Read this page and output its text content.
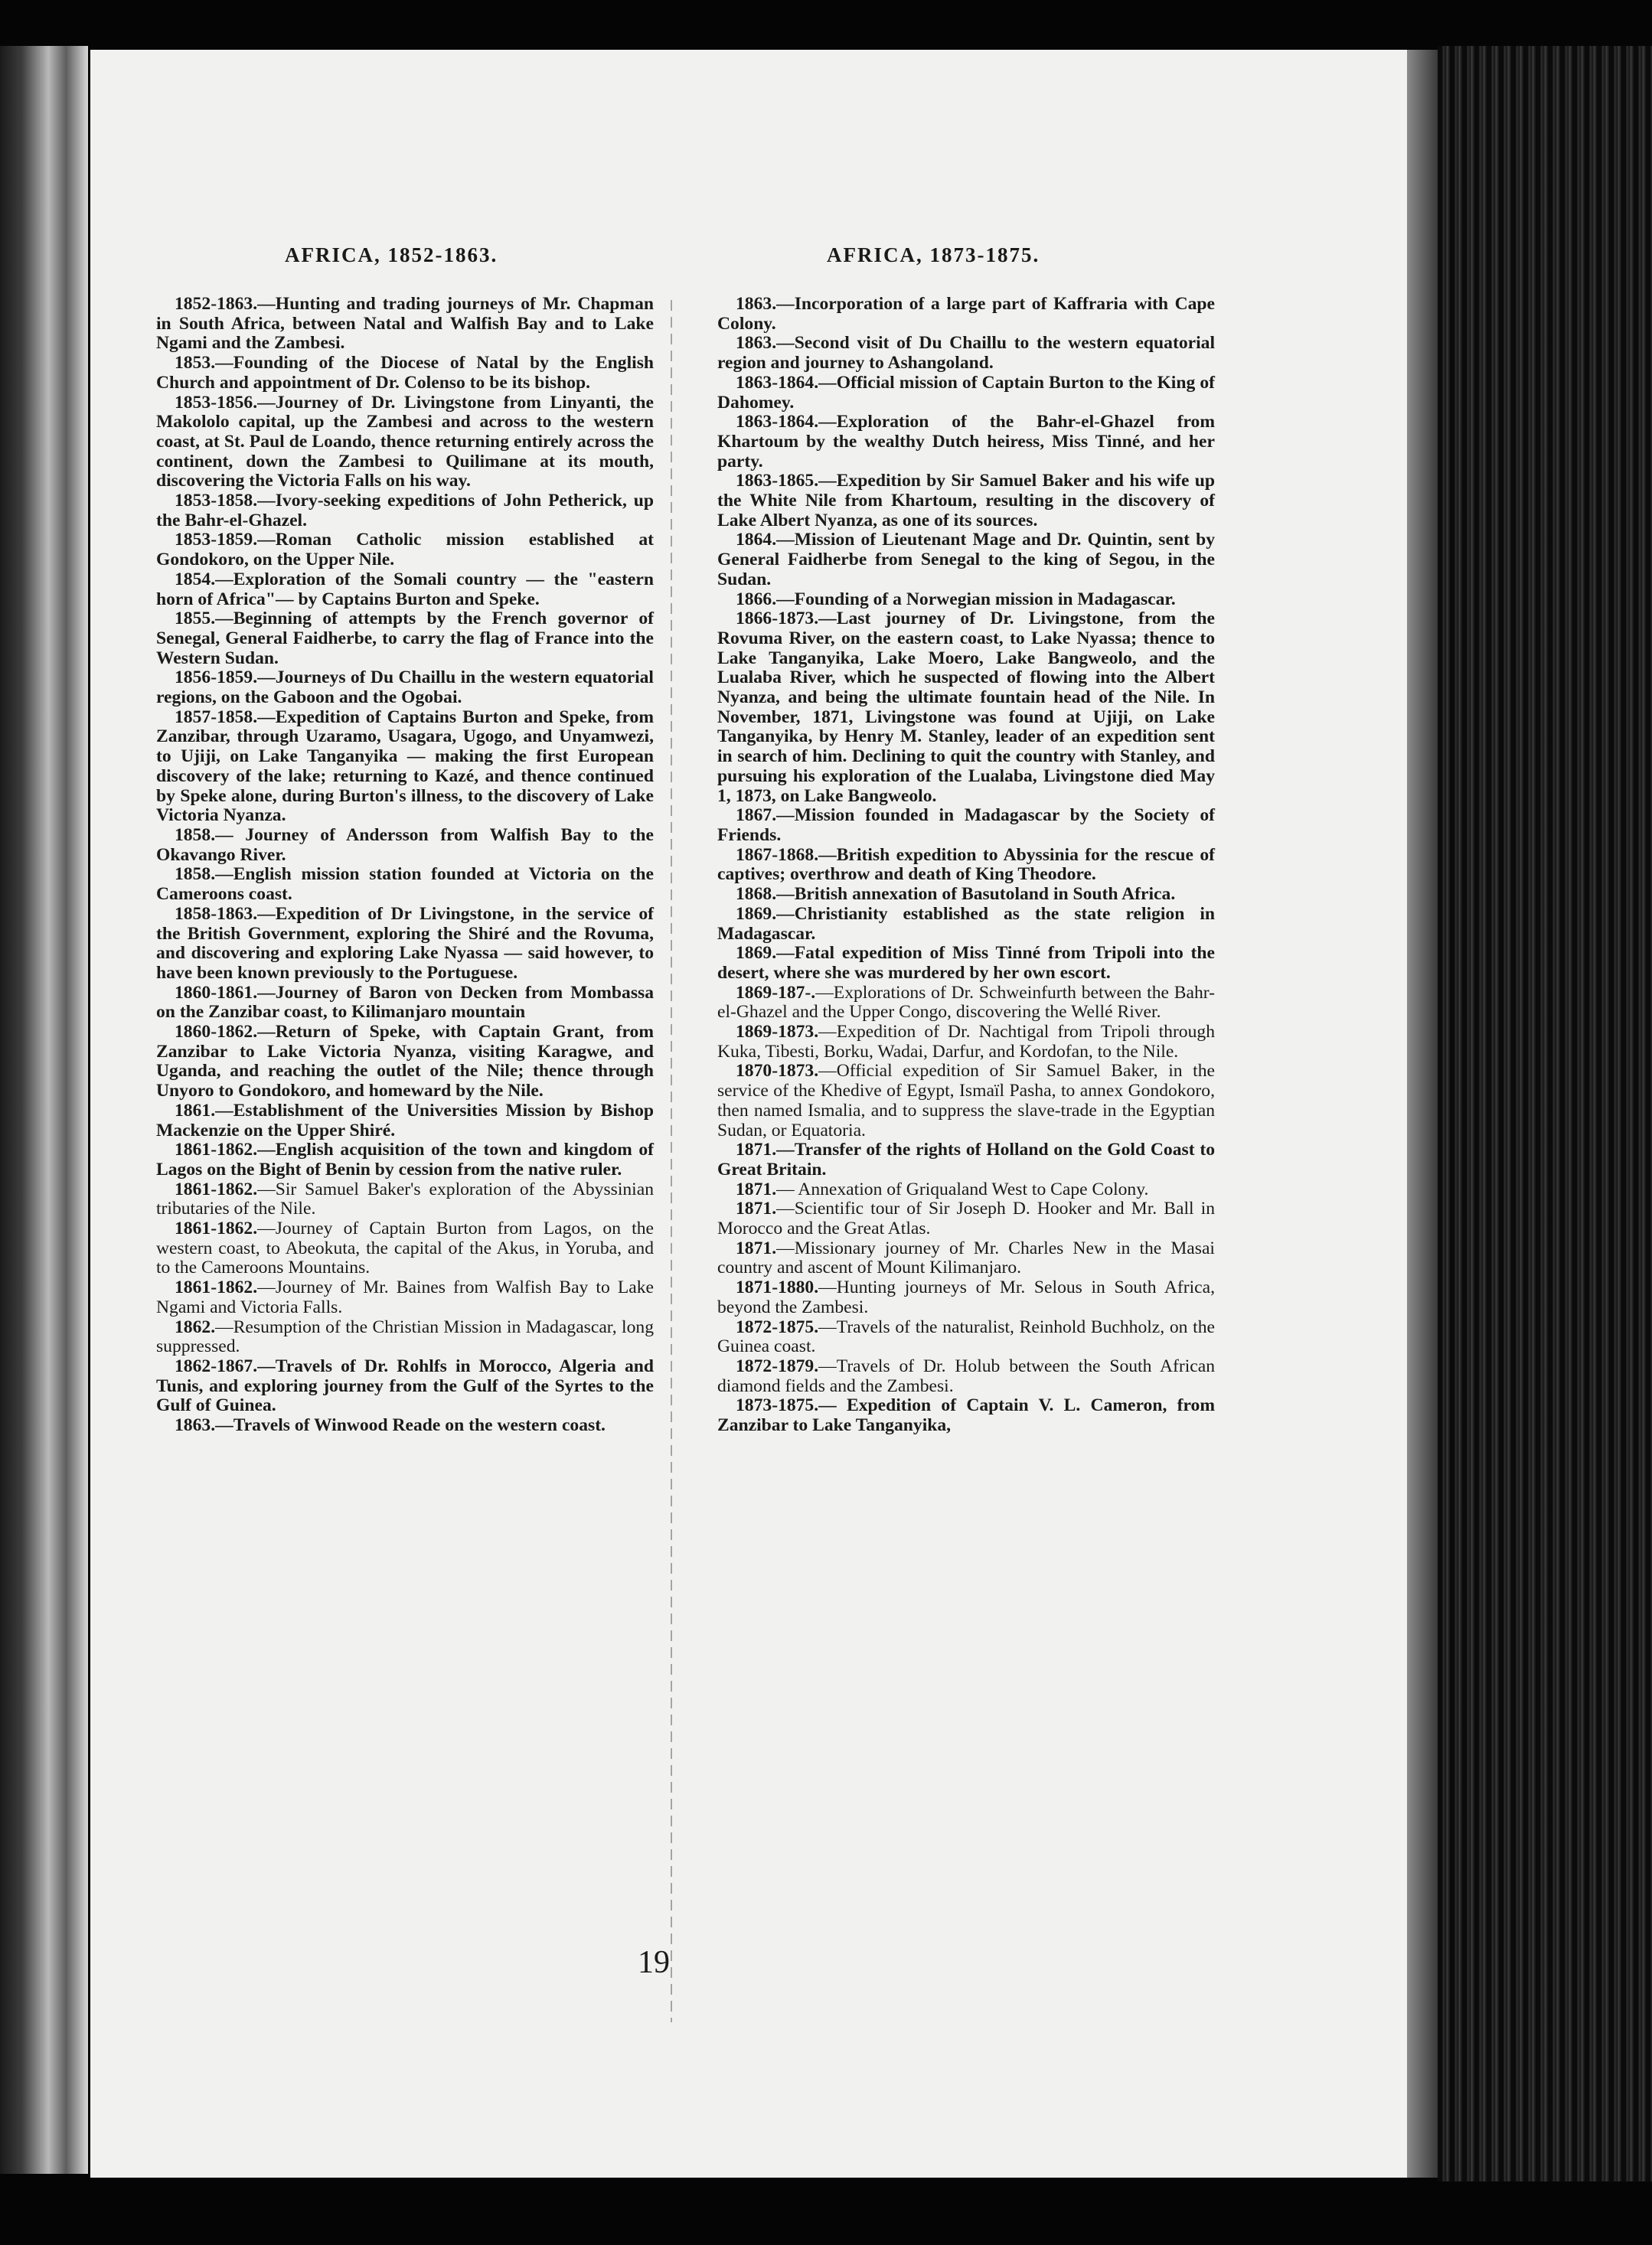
AFRICA, 1852-1863.	AFRICA, 1873-1875.

1852-1863.—Hunting and trading journeys of Mr. Chapman in South Africa, between Natal and Walfish Bay and to Lake Ngami and the Zambesi.

1853.—Founding of the Diocese of Natal by the English Church and appointment of Dr. Colenso to be its bishop.

1853-1856.—Journey of Dr. Livingstone from Linyanti, the Makololo capital, up the Zambesi and across to the western coast, at St. Paul de Loando, thence returning entirely across the continent, down the Zambesi to Quilimane at its mouth, discovering the Victoria Falls on his way.

1853-1858.—Ivory-seeking expeditions of John Petherick, up the Bahr-el-Ghazel.

1853-1859.—Roman Catholic mission established at Gondokoro, on the Upper Nile.

1854.—Exploration of the Somali country — the "eastern horn of Africa"— by Captains Burton and Speke.

1855.—Beginning of attempts by the French governor of Senegal, General Faidherbe, to carry the flag of France into the Western Sudan.

1856-1859.—Journeys of Du Chaillu in the western equatorial regions, on the Gaboon and the Ogobai.

1857-1858.—Expedition of Captains Burton and Speke, from Zanzibar, through Uzaramo, Usagara, Ugogo, and Unyamwezi, to Ujiji, on Lake Tanganyika — making the first European discovery of the lake; returning to Kazé, and thence continued by Speke alone, during Burton's illness, to the discovery of Lake Victoria Nyanza.

1858.— Journey of Andersson from Walfish Bay to the Okavango River.

1858.—English mission station founded at Victoria on the Cameroons coast.

1858-1863.—Expedition of Dr Livingstone, in the service of the British Government, exploring the Shiré and the Rovuma, and discovering and exploring Lake Nyassa — said however, to have been known previously to the Portuguese.

1860-1861.—Journey of Baron von Decken from Mombassa on the Zanzibar coast, to Kilimanjaro mountain

1860-1862.—Return of Speke, with Captain Grant, from Zanzibar to Lake Victoria Nyanza, visiting Karagwe, and Uganda, and reaching the outlet of the Nile; thence through Unyoro to Gondokoro, and homeward by the Nile.

1861.—Establishment of the Universities Mission by Bishop Mackenzie on the Upper Shiré.

1861-1862.—English acquisition of the town and kingdom of Lagos on the Bight of Benin by cession from the native ruler.

1861-1862.—Sir Samuel Baker's exploration of the Abyssinian tributaries of the Nile.

1861-1862.—Journey of Captain Burton from Lagos, on the western coast, to Abeokuta, the capital of the Akus, in Yoruba, and to the Cameroons Mountains.

1861-1862.—Journey of Mr. Baines from Walfish Bay to Lake Ngami and Victoria Falls.

1862.—Resumption of the Christian Mission in Madagascar, long suppressed.

1862-1867.—Travels of Dr. Rohlfs in Morocco, Algeria and Tunis, and exploring journey from the Gulf of the Syrtes to the Gulf of Guinea.

1863.—Travels of Winwood Reade on the western coast.

1863.—Incorporation of a large part of Kaffraria with Cape Colony.

1863.—Second visit of Du Chaillu to the western equatorial region and journey to Ashangoland.

1863-1864.—Official mission of Captain Burton to the King of Dahomey.

1863-1864.—Exploration of the Bahr-el-Ghazel from Khartoum by the wealthy Dutch heiress, Miss Tinné, and her party.

1863-1865.—Expedition by Sir Samuel Baker and his wife up the White Nile from Khartoum, resulting in the discovery of Lake Albert Nyanza, as one of its sources.

1864.—Mission of Lieutenant Mage and Dr. Quintin, sent by General Faidherbe from Senegal to the king of Segou, in the Sudan.

1866.—Founding of a Norwegian mission in Madagascar.

1866-1873.—Last journey of Dr. Livingstone, from the Rovuma River, on the eastern coast, to Lake Nyassa; thence to Lake Tanganyika, Lake Moero, Lake Bangweolo, and the Lualaba River, which he suspected of flowing into the Albert Nyanza, and being the ultimate fountain head of the Nile. In November, 1871, Livingstone was found at Ujiji, on Lake Tanganyika, by Henry M. Stanley, leader of an expedition sent in search of him. Declining to quit the country with Stanley, and pursuing his exploration of the Lualaba, Livingstone died May 1, 1873, on Lake Bangweolo.

1867.—Mission founded in Madagascar by the Society of Friends.

1867-1868.—British expedition to Abyssinia for the rescue of captives; overthrow and death of King Theodore.

1868.—British annexation of Basutoland in South Africa.

1869.—Christianity established as the state religion in Madagascar.

1869.—Fatal expedition of Miss Tinné from Tripoli into the desert, where she was murdered by her own escort.

1869-187-.—Explorations of Dr. Schweinfurth between the Bahr-el-Ghazel and the Upper Congo, discovering the Wellé River.

1869-1873.—Expedition of Dr. Nachtigal from Tripoli through Kuka, Tibesti, Borku, Wadai, Darfur, and Kordofan, to the Nile.

1870-1873.—Official expedition of Sir Samuel Baker, in the service of the Khedive of Egypt, Ismaïl Pasha, to annex Gondokoro, then named Ismalia, and to suppress the slave-trade in the Egyptian Sudan, or Equatoria.

1871.—Transfer of the rights of Holland on the Gold Coast to Great Britain.

1871.— Annexation of Griqualand West to Cape Colony.

1871.—Scientific tour of Sir Joseph D. Hooker and Mr. Ball in Morocco and the Great Atlas.

1871.—Missionary journey of Mr. Charles New in the Masai country and ascent of Mount Kilimanjaro.

1871-1880.—Hunting journeys of Mr. Selous in South Africa, beyond the Zambesi.

1872-1875.—Travels of the naturalist, Reinhold Buchholz, on the Guinea coast.

1872-1879.—Travels of Dr. Holub between the South African diamond fields and the Zambesi.

1873-1875.— Expedition of Captain V. L. Cameron, from Zanzibar to Lake Tanganyika,

19
